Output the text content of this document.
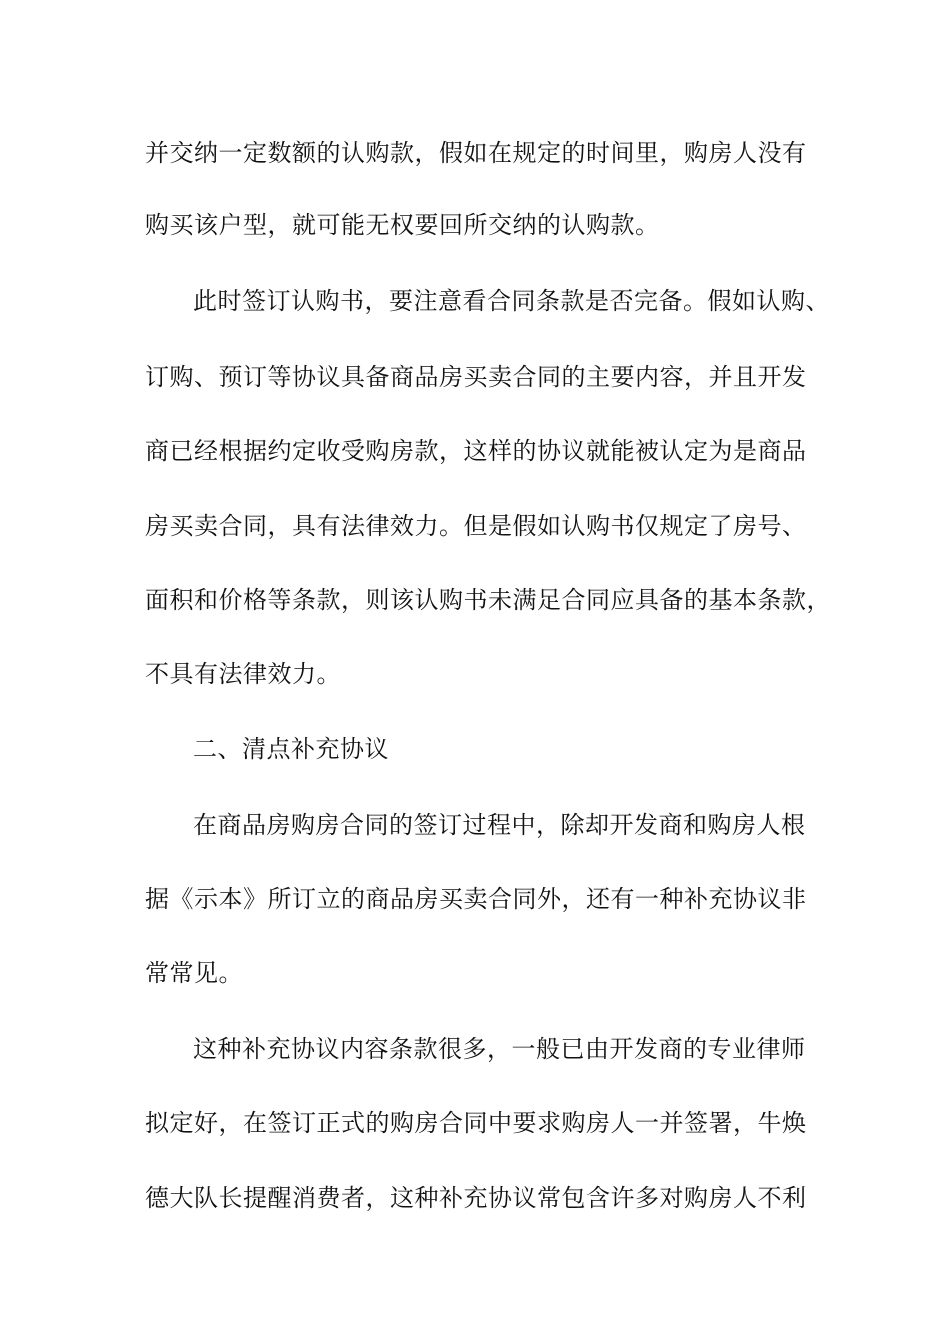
并交纳一定数额的认购款，假如在规定的时间里，购房人没有
购买该户型，就可能无权要回所交纳的认购款。
此时签订认购书，要注意看合同条款是否完备。假如认购、
订购、预订等协议具备商品房买卖合同的主要内容，并且开发
商已经根据约定收受购房款，这样的协议就能被认定为是商品
房买卖合同，具有法律效力。但是假如认购书仅规定了房号、
面积和价格等条款，则该认购书未满足合同应具备的基本条款，
不具有法律效力。
二、清点补充协议
在商品房购房合同的签订过程中，除却开发商和购房人根
据《示本》所订立的商品房买卖合同外，还有一种补充协议非
常常见。
这种补充协议内容条款很多，一般已由开发商的专业律师
拟定好，在签订正式的购房合同中要求购房人一并签署，牛焕
德大队长提醒消费者，这种补充协议常包含许多对购房人不利
